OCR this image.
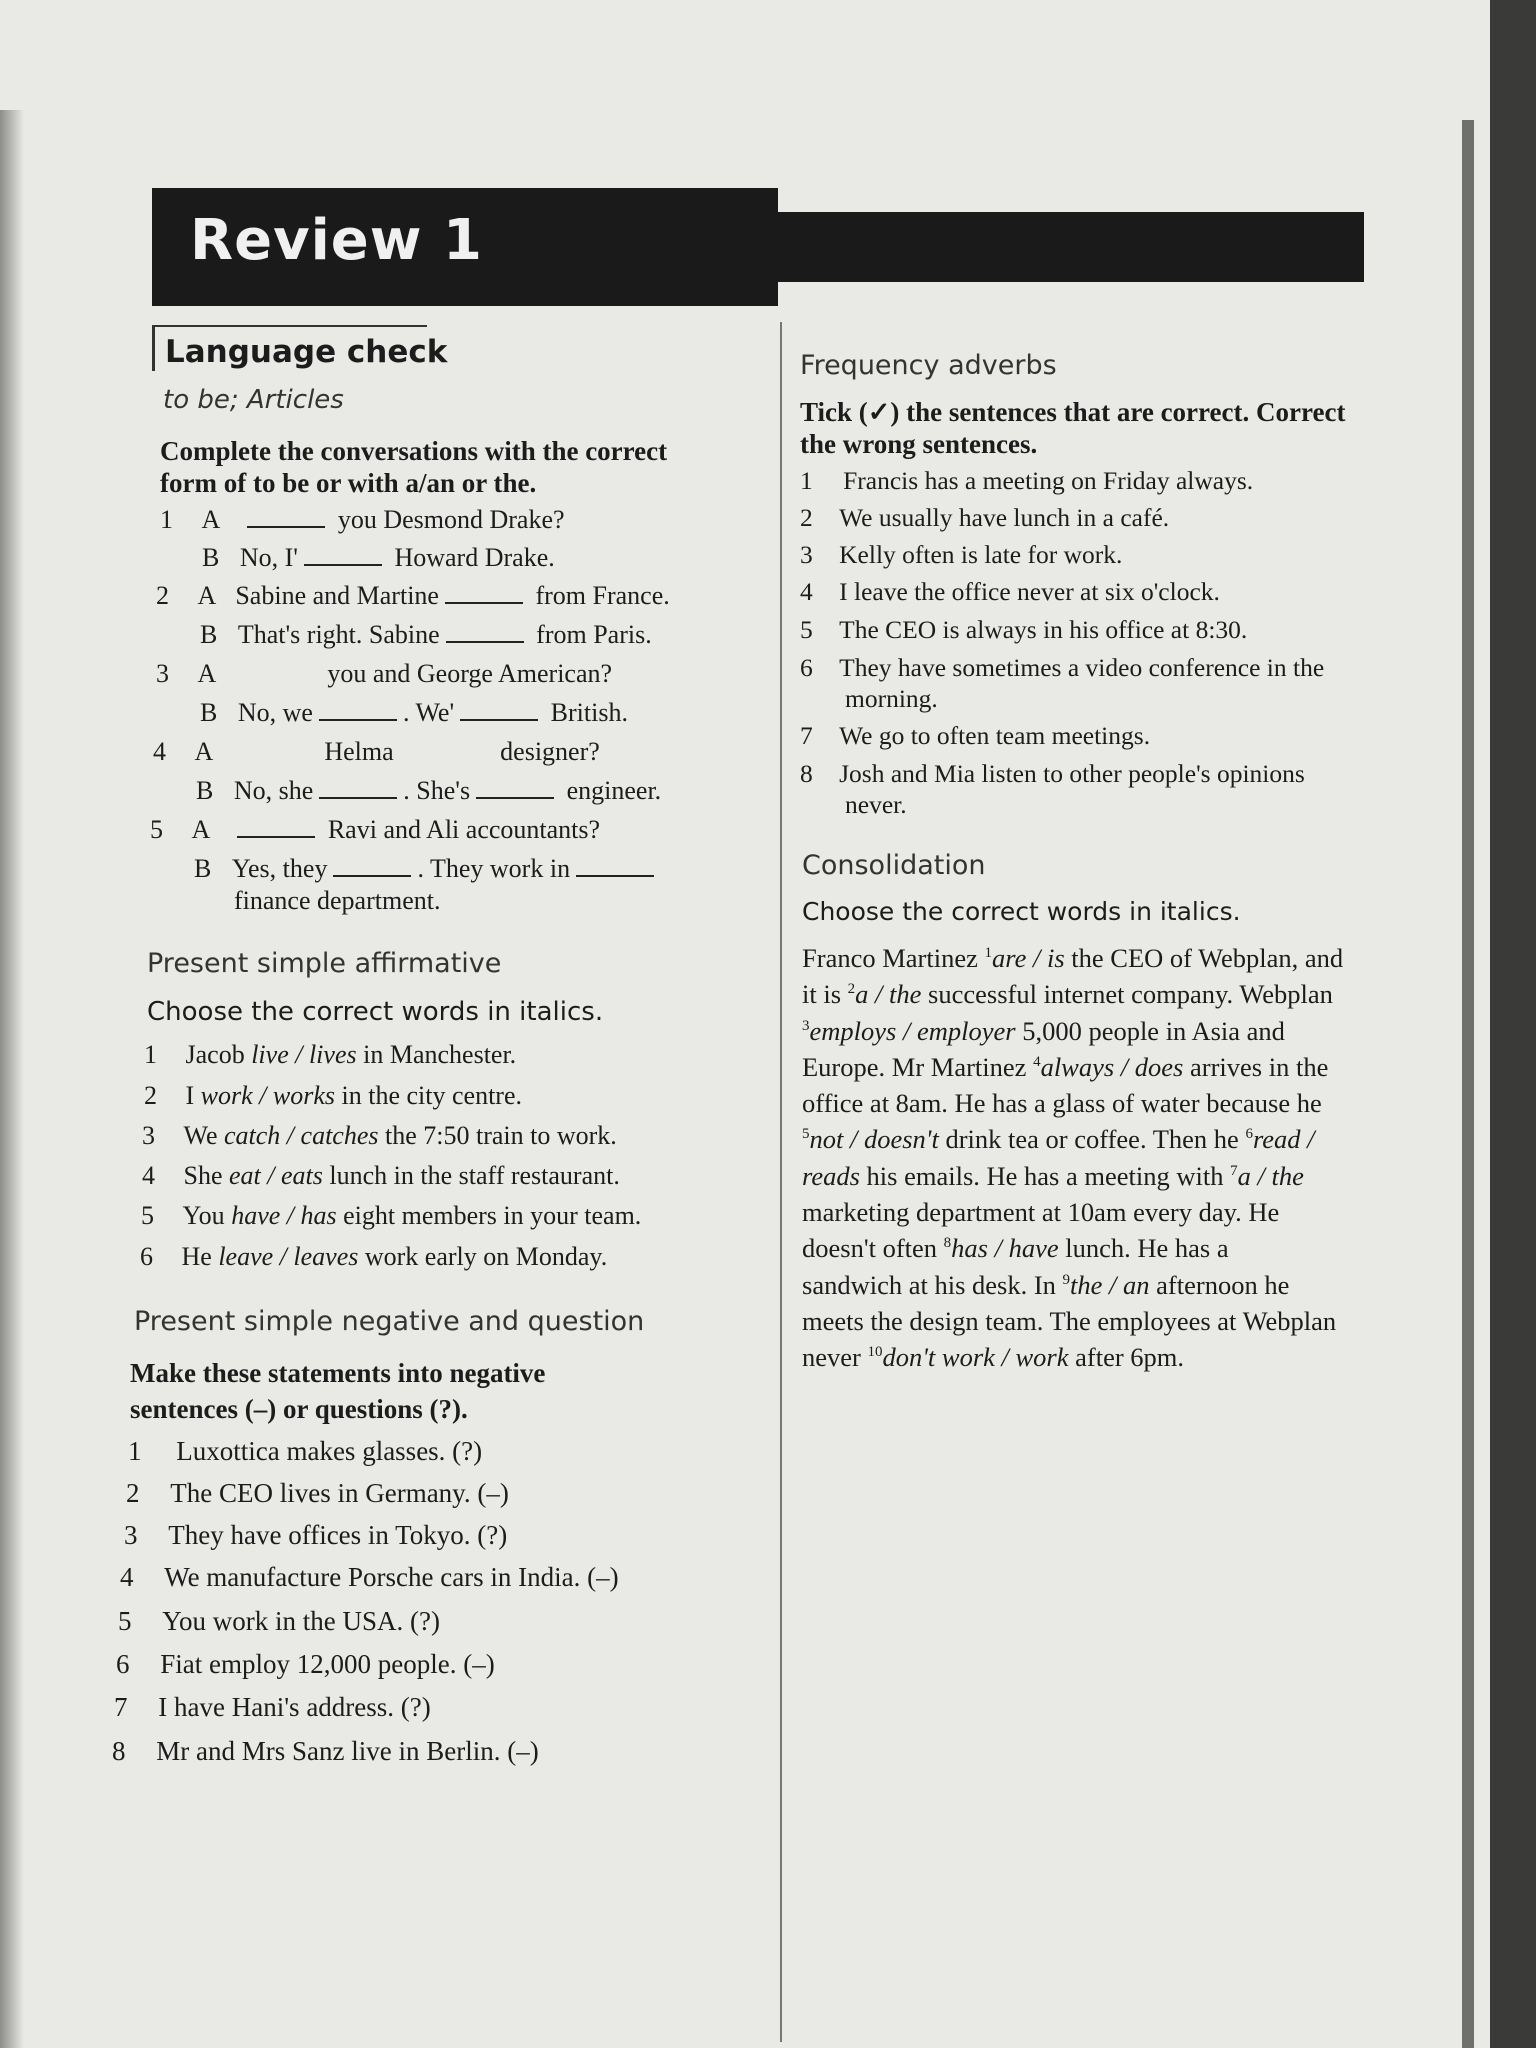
Review 1
Language check
to be; Articles
Complete the conversations with the correct
form of to be or with a/an or the.
1 A	you Desmond Drake?
B No, I'	Howard Drake.
2 A Sabine and Martine	from France.
B That's right. Sabine	from Paris.
3 A	you and George American?
B No, we	. We'	British.
4 A	Helma	designer?
B No, she	. She's	engineer.
5 A	Ravi and Ali accountants?
B Yes, they	. They work in
finance department.
Present simple affirmative
Choose the correct words in italics.
1 Jacob live / lives in Manchester.
2 I work / works in the city centre.
3 We catch / catches the 7:50 train to work.
4 She eat / eats lunch in the staff restaurant.
5 You have / has eight members in your team.
6 He leave / leaves work early on Monday.
Present simple negative and question
Make these statements into negative
sentences (–) or questions (?).
1 Luxottica makes glasses. (?)
2 The CEO lives in Germany. (–)
3 They have offices in Tokyo. (?)
4 We manufacture Porsche cars in India. (–)
5 You work in the USA. (?)
6 Fiat employ 12,000 people. (–)
7 I have Hani's address. (?)
8 Mr and Mrs Sanz live in Berlin. (–)
Frequency adverbs
Tick (✓) the sentences that are correct. Correct
the wrong sentences.
1 Francis has a meeting on Friday always.
2 We usually have lunch in a café.
3 Kelly often is late for work.
4 I leave the office never at six o'clock.
5 The CEO is always in his office at 8:30.
6 They have sometimes a video conference in the
morning.
7 We go to often team meetings.
8 Josh and Mia listen to other people's opinions
never.
Consolidation
Choose the correct words in italics.
Franco Martinez $^1$are / is the CEO of Webplan, and
it is $^2$a / the successful internet company. Webplan
$^3$employs / employer 5,000 people in Asia and
Europe. Mr Martinez $^4$always / does arrives in the
office at 8am. He has a glass of water because he
$^5$not / doesn't drink tea or coffee. Then he $^6$read /
reads his emails. He has a meeting with $^7$a / the
marketing department at 10am every day. He
doesn't often $^8$has / have lunch. He has a
sandwich at his desk. In $^9$the / an afternoon he
meets the design team. The employees at Webplan
never $^{10}$don't work / work after 6pm.
